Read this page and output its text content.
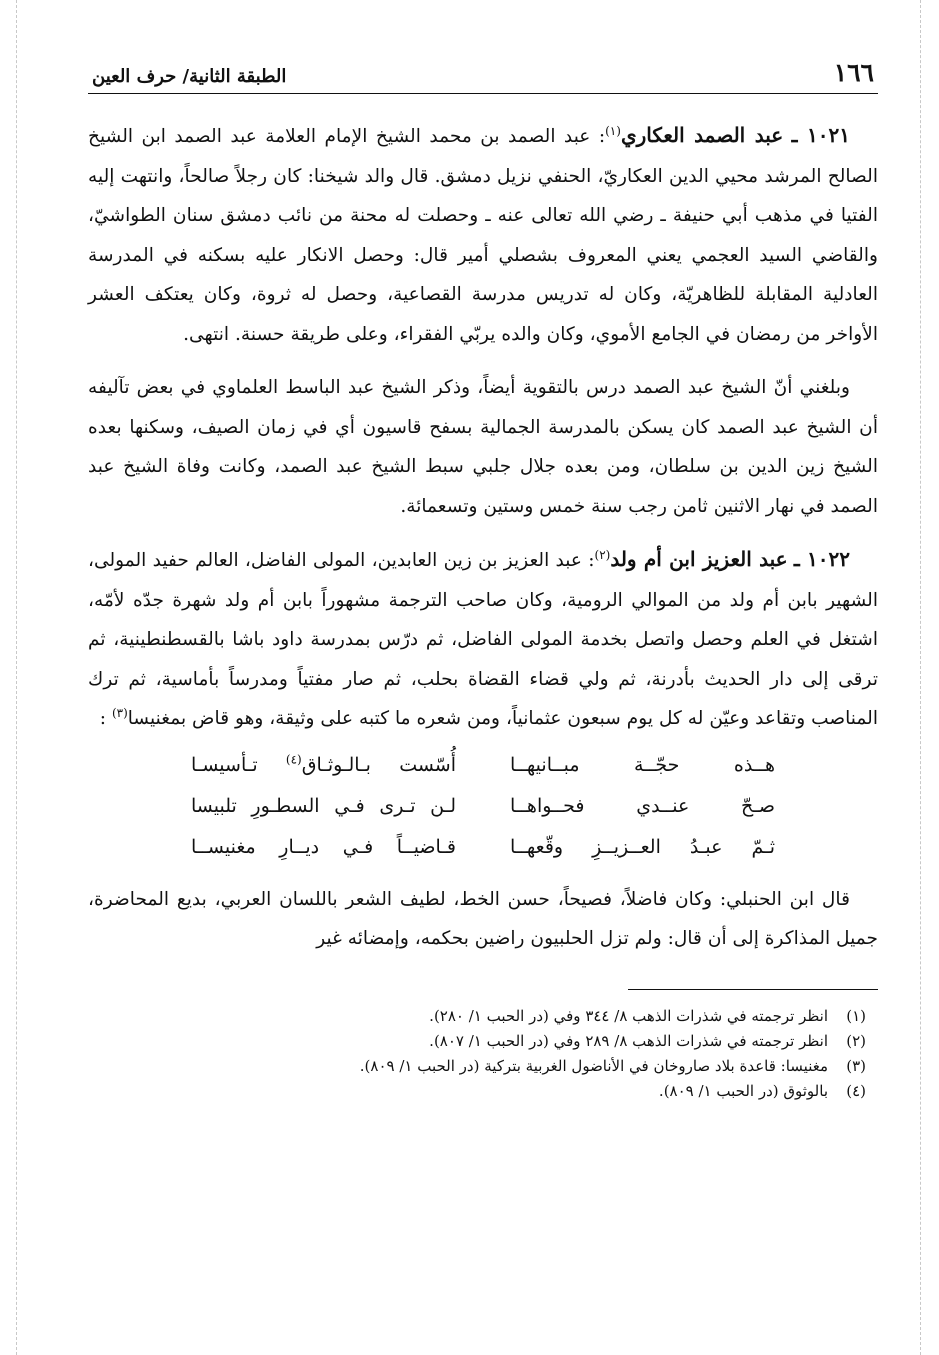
١٦٦
الطبقة الثانية/ حرف العين

١٠٢١ ـ عبد الصمد العكاري$^{(١)}$: عبد الصمد بن محمد الشيخ الإمام العلامة عبد الصمد ابن الشيخ الصالح المرشد محيي الدين العكاريّ، الحنفي نزيل دمشق. قال والد شيخنا: كان رجلاً صالحاً، وانتهت إليه الفتيا في مذهب أبي حنيفة ـ رضي الله تعالى عنه ـ وحصلت له محنة من نائب دمشق سنان الطواشيّ، والقاضي السيد العجمي يعني المعروف بشصلي أمير قال: وحصل الانكار عليه بسكنه في المدرسة العادلية المقابلة للظاهريّة، وكان له تدريس مدرسة القصاعية، وحصل له ثروة، وكان يعتكف العشر الأواخر من رمضان في الجامع الأموي، وكان والده يربّي الفقراء، وعلى طريقة حسنة. انتهى.

وبلغني أنّ الشيخ عبد الصمد درس بالتقوية أيضاً، وذكر الشيخ عبد الباسط العلماوي في بعض تآليفه أن الشيخ عبد الصمد كان يسكن بالمدرسة الجمالية بسفح قاسيون أي في زمان الصيف، وسكنها بعده الشيخ زين الدين بن سلطان، ومن بعده جلال جلبي سبط الشيخ عبد الصمد، وكانت وفاة الشيخ عبد الصمد في نهار الاثنين ثامن رجب سنة خمس وستين وتسعمائة.

١٠٢٢ ـ عبد العزيز ابن أم ولد$^{(٢)}$: عبد العزيز بن زين العابدين، المولى الفاضل، العالم حفيد المولى، الشهير بابن أم ولد من الموالي الرومية، وكان صاحب الترجمة مشهوراً بابن أم ولد شهرة جدّه لأمّه، اشتغل في العلم وحصل واتصل بخدمة المولى الفاضل، ثم درّس بمدرسة داود باشا بالقسطنطينية، ثم ترقى إلى دار الحديث بأدرنة، ثم ولي قضاء القضاة بحلب، ثم صار مفتياً ومدرساً بأماسية، ثم ترك المناصب وتقاعد وعيّن له كل يوم سبعون عثمانياً، ومن شعره ما كتبه على وثيقة، وهو قاض بمغنيسا$^{(٣)}$ :

هــذه حجّــة مبــانيهــا
أُسّست بـالـوثـاق$^{(٤)}$ تـأسيسـا
صـحّ عنــدي فحــواهــا
لـن تـرى فـي السطـورِ تلبيسا
ثـمّ عبـدُ العــزيــزِ وقّعهــا
قـاضيــاً فـي ديــارِ مغنيســا

قال ابن الحنبلي: وكان فاضلاً، فصيحاً، حسن الخط، لطيف الشعر باللسان العربي، بديع المحاضرة، جميل المذاكرة إلى أن قال: ولم تزل الحلبيون راضين بحكمه، وإمضائه غير

(١)
انظر ترجمته في شذرات الذهب ٨/ ٣٤٤ وفي (در الحبب ١/ ٢٨٠).
(٢)
انظر ترجمته في شذرات الذهب ٨/ ٢٨٩ وفي (در الحبب ١/ ٨٠٧).
(٣)
مغنيسا: قاعدة بلاد صاروخان في الأناضول الغربية بتركية (در الحبب ١/ ٨٠٩).
(٤)
بالوثوق (در الحبب ١/ ٨٠٩).
